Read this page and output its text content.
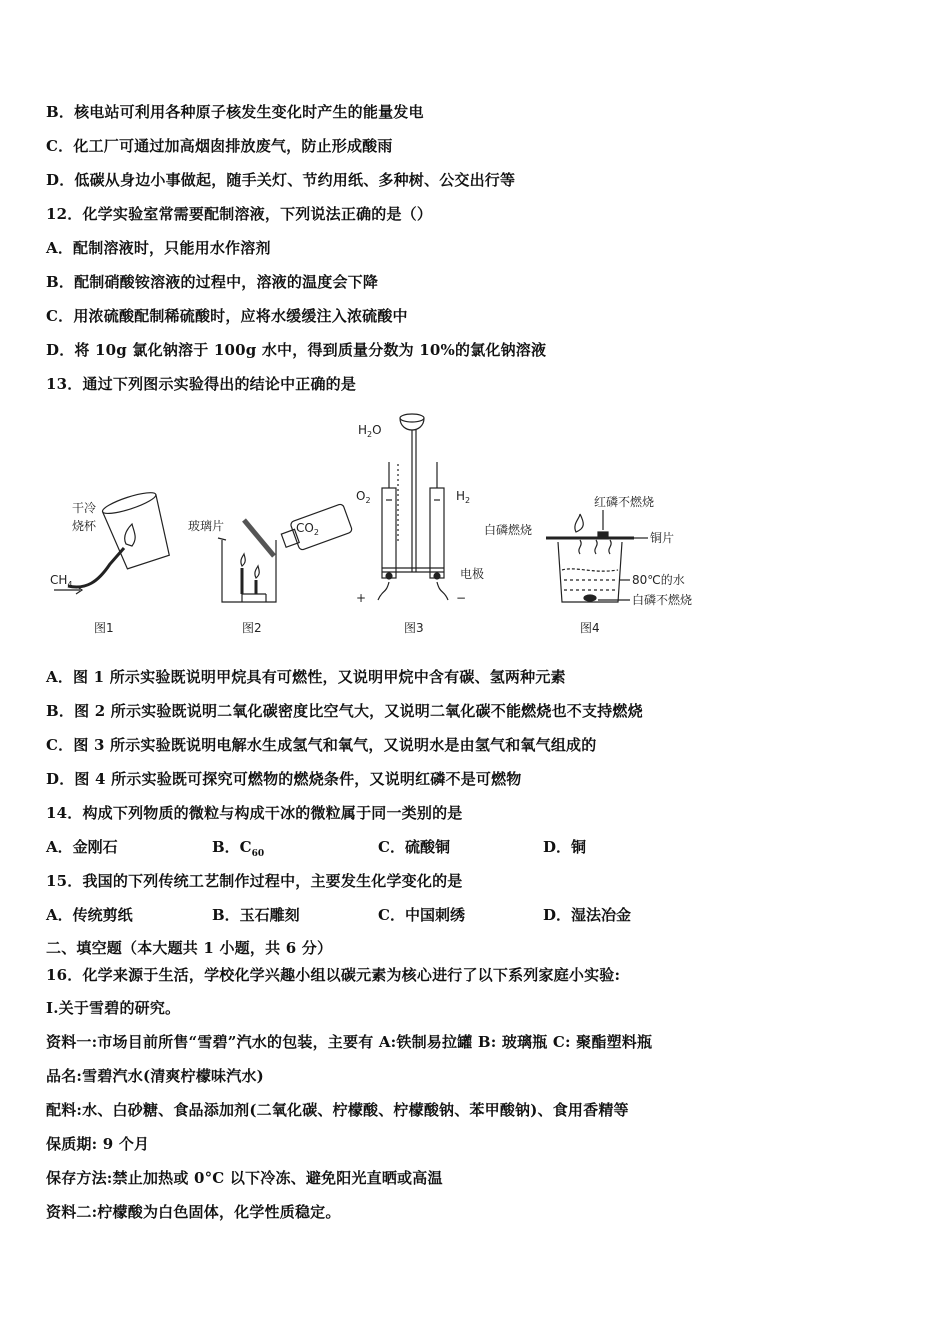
B．核电站可利用各种原子核发生变化时产生的能量发电
C．化工厂可通过加高烟囱排放废气，防止形成酸雨
D．低碳从身边小事做起，随手关灯、节约用纸、多种树、公交出行等
12．化学实验室常需要配制溶液，下列说法正确的是（）
A．配制溶液时，只能用水作溶剂
B．配制硝酸铵溶液的过程中，溶液的温度会下降
C．用浓硫酸配制稀硫酸时，应将水缓缓注入浓硫酸中
D．将 10g 氯化钠溶于 100g 水中，得到质量分数为 10%的氯化钠溶液
13．通过下列图示实验得出的结论中正确的是
干冷
烧杯
$CH_4$
图1
玻璃片	$CO_2$
图2
$H_2O$
$O_2$	$H_2$
电极
+	−
图3
红磷不燃烧
白磷燃烧
铜片
80℃的水
白磷不燃烧
图4
A．图 1 所示实验既说明甲烷具有可燃性，又说明甲烷中含有碳、氢两种元素
B．图 2 所示实验既说明二氧化碳密度比空气大，又说明二氧化碳不能燃烧也不支持燃烧
C．图 3 所示实验既说明电解水生成氢气和氧气，又说明水是由氢气和氧气组成的
D．图 4 所示实验既可探究可燃物的燃烧条件，又说明红磷不是可燃物
14．构成下列物质的微粒与构成干冰的微粒属于同一类别的是
A．金刚石	B．$C_{60}$	C．硫酸铜	D．铜
15．我国的下列传统工艺制作过程中，主要发生化学变化的是
A．传统剪纸	B．玉石雕刻	C．中国刺绣	D．湿法冶金
二、填空题（本大题共 1 小题，共 6 分）
16．化学来源于生活，学校化学兴趣小组以碳元素为核心进行了以下系列家庭小实验:
I.关于雪碧的研究。
资料一:市场目前所售“雪碧”汽水的包装，主要有 A:铁制易拉罐 B: 玻璃瓶 C: 聚酯塑料瓶
品名:雪碧汽水(清爽柠檬味汽水)
配料:水、白砂糖、食品添加剂(二氧化碳、柠檬酸、柠檬酸钠、苯甲酸钠)、食用香精等
保质期: 9 个月
保存方法:禁止加热或 0°C 以下冷冻、避免阳光直晒或高温
资料二:柠檬酸为白色固体，化学性质稳定。
